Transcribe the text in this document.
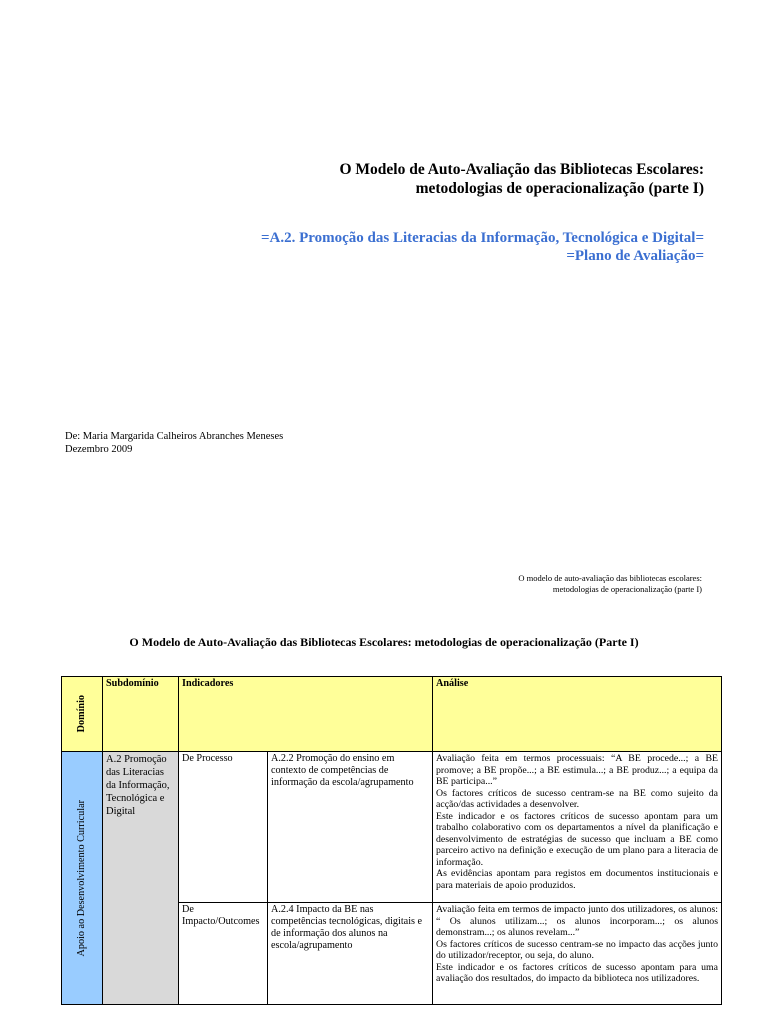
O Modelo de Auto-Avaliação das Bibliotecas Escolares:
metodologias de operacionalização (parte I)
=A.2. Promoção das Literacias da Informação, Tecnológica e Digital=
=Plano de Avaliação=
De: Maria Margarida Calheiros Abranches Meneses
Dezembro 2009
O modelo de auto-avaliação das bibliotecas escolares:
metodologias de operacionalização (parte I)
O Modelo de Auto-Avaliação das Bibliotecas Escolares: metodologias de operacionalização (Parte I)
Domínio	Subdomínio	Indicadores		Análise

Apoio ao Desenvolvimento Curricular	A.2 Promoção das Literacias da Informação, Tecnológica e Digital	De Processo	A.2.2 Promoção do ensino em contexto de competências de informação da escola/agrupamento	Avaliação feita em termos processuais: “A BE procede...; a BE promove; a BE propõe...; a BE estimula...; a BE produz...; a equipa da BE participa...”
Os factores críticos de sucesso centram-se na BE como sujeito da acção/das actividades a desenvolver.
Este indicador e os factores críticos de sucesso apontam para um trabalho colaborativo com os departamentos a nível da planificação e desenvolvimento de estratégias de sucesso que incluam a BE como parceiro activo na definição e execução de um plano para a literacia de informação.
As evidências apontam para registos em documentos institucionais e para materiais de apoio produzidos.

		De Impacto/Outcomes	A.2.4 Impacto da BE nas competências tecnológicas, digitais e de informação dos alunos na escola/agrupamento	Avaliação feita em termos de impacto junto dos utilizadores, os alunos: “ Os alunos utilizam...; os alunos incorporam...; os alunos demonstram...; os alunos revelam...”
Os factores críticos de sucesso centram-se no impacto das acções junto do utilizador/receptor, ou seja, do aluno.
Este indicador e os factores críticos de sucesso apontam para uma avaliação dos resultados, do impacto da biblioteca nos utilizadores.
